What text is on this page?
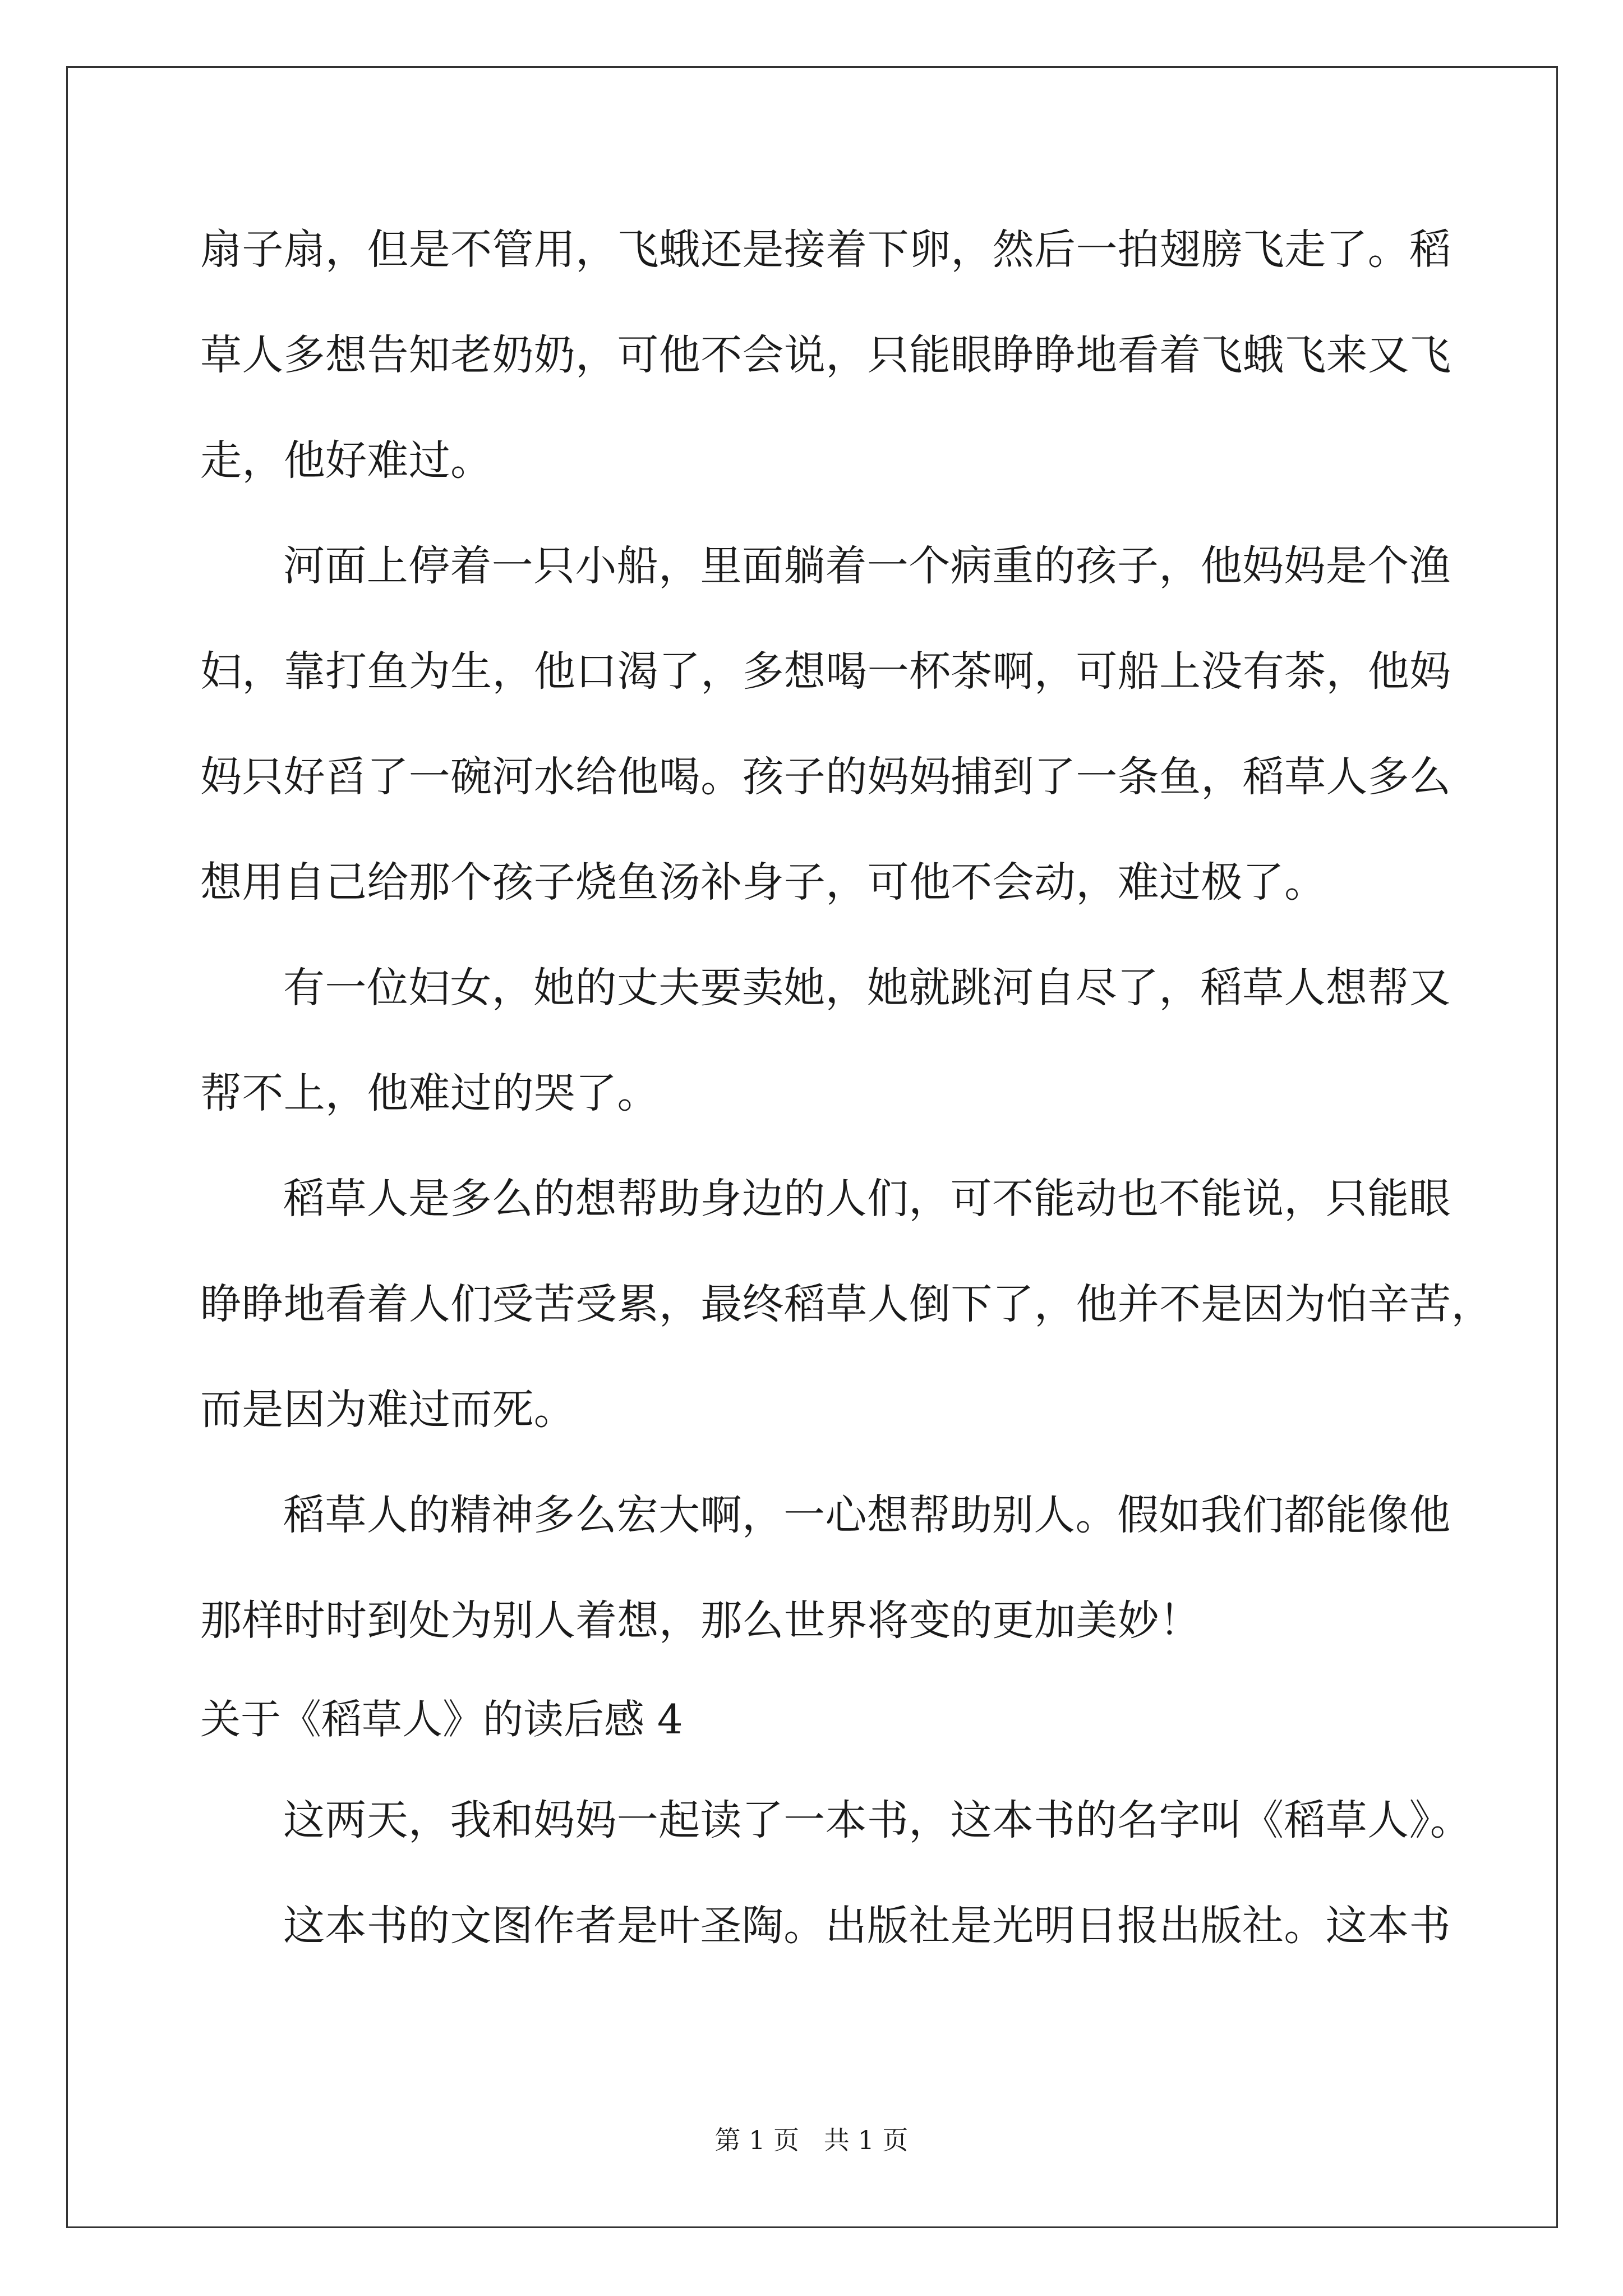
扇子扇，但是不管用，飞蛾还是接着下卵，然后一拍翅膀飞走了。稻
草人多想告知老奶奶，可他不会说，只能眼睁睁地看着飞蛾飞来又飞
走，他好难过。
河面上停着一只小船，里面躺着一个病重的孩子，他妈妈是个渔
妇，靠打鱼为生，他口渴了，多想喝一杯茶啊，可船上没有茶，他妈
妈只好舀了一碗河水给他喝。孩子的妈妈捕到了一条鱼，稻草人多么
想用自己给那个孩子烧鱼汤补身子，可他不会动，难过极了。
有一位妇女，她的丈夫要卖她，她就跳河自尽了，稻草人想帮又
帮不上，他难过的哭了。
稻草人是多么的想帮助身边的人们，可不能动也不能说，只能眼
睁睁地看着人们受苦受累，最终稻草人倒下了，他并不是因为怕辛苦，
而是因为难过而死。
稻草人的精神多么宏大啊，一心想帮助别人。假如我们都能像他
那样时时到处为别人着想，那么世界将变的更加美妙！
关于《稻草人》的读后感 4
这两天，我和妈妈一起读了一本书，这本书的名字叫《稻草人》。
这本书的文图作者是叶圣陶。出版社是光明日报出版社。这本书
第 1 页   共 1 页
